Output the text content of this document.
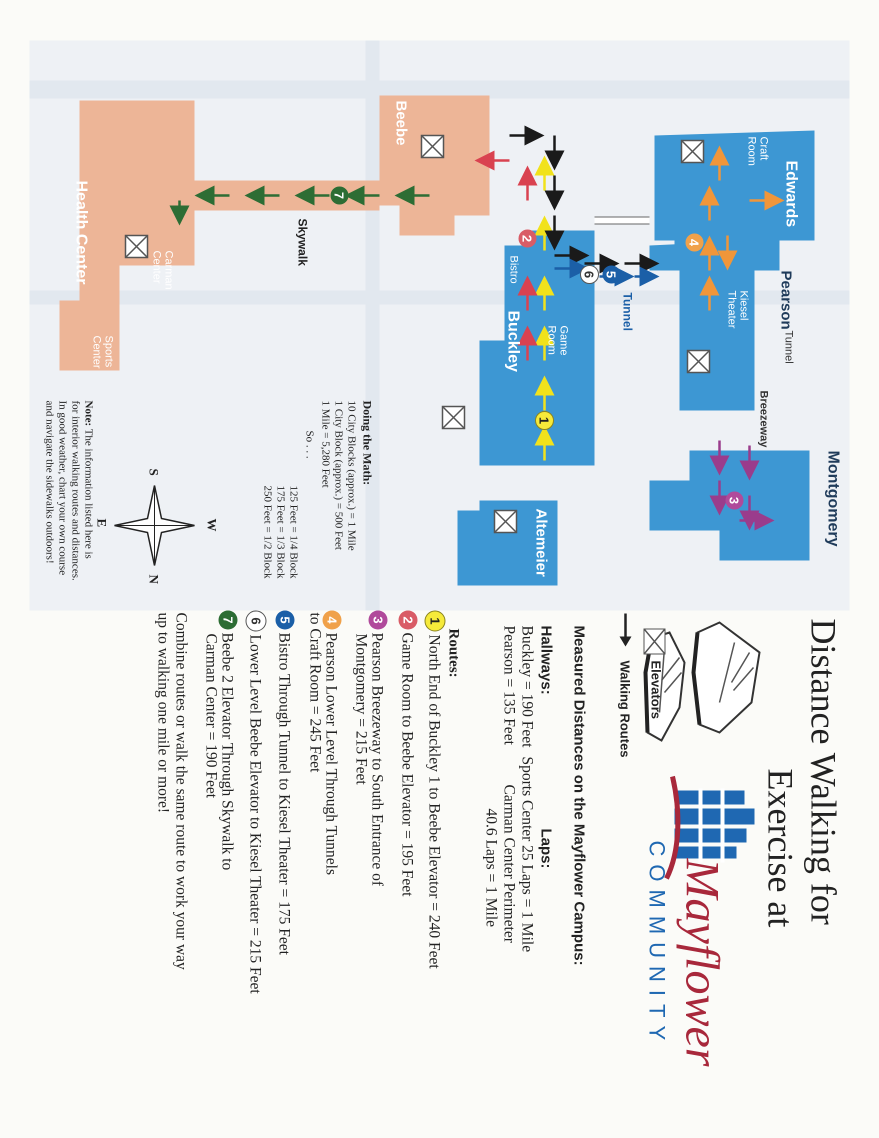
Distance Walking for
Exercise at
Mayflower
COMMUNITY
Elevators
Walking Routes
Measured Distances on the Mayflower Campus:
Hallways:
Buckley = 190 Feet
Pearson = 135 Feet
Laps:
Sports Center 25 Laps = 1 Mile
Carman Center Perimeter
40.6 Laps = 1 Mile
Routes:
1North End of Buckley 1 to Beebe Elevator = 240 Feet
2Game Room to Beebe Elevator = 195 Feet
3Pearson Breezeway to South Entrance of
Montgomery = 215 Feet
4Pearson Lower Level Through Tunnels
to Craft Room = 245 Feet
5Bistro Through Tunnel to Kiesel Theater = 175 Feet
6Lower Level Beebe Elevator to Kiesel Theater = 215 Feet
7Beebe 2 Elevator Through Skywalk to
Carman Center = 190 Feet
Combine routes or walk the same route to work your way
up to walking one mile or more!
1
2
3
4
5
6
7
Montgomery
Edwards
Craft
Room
Pearson
Kiesel
Theater
Tunnel
Breezeway
Buckley	Game
Room
Bistro
Tunnel
Altemeier
Beebe
Skywalk
Health Center	Carman
Center
Sports
Center
Doing the Math:
10 City Blocks (approx.) = 1 Mile
1 City Block (approx.) = 500 Feet
1 Mile = 5,280 Feet
So . . .
125 Feet = 1/4 Block
175 Feet = 1/3 Block
250 Feet = 1/2 Block
W
E
N
S
Note: The information listed here is
for interior walking routes and distances.
In good weather, chart your own course
and navigate the sidewalks outdoors!
